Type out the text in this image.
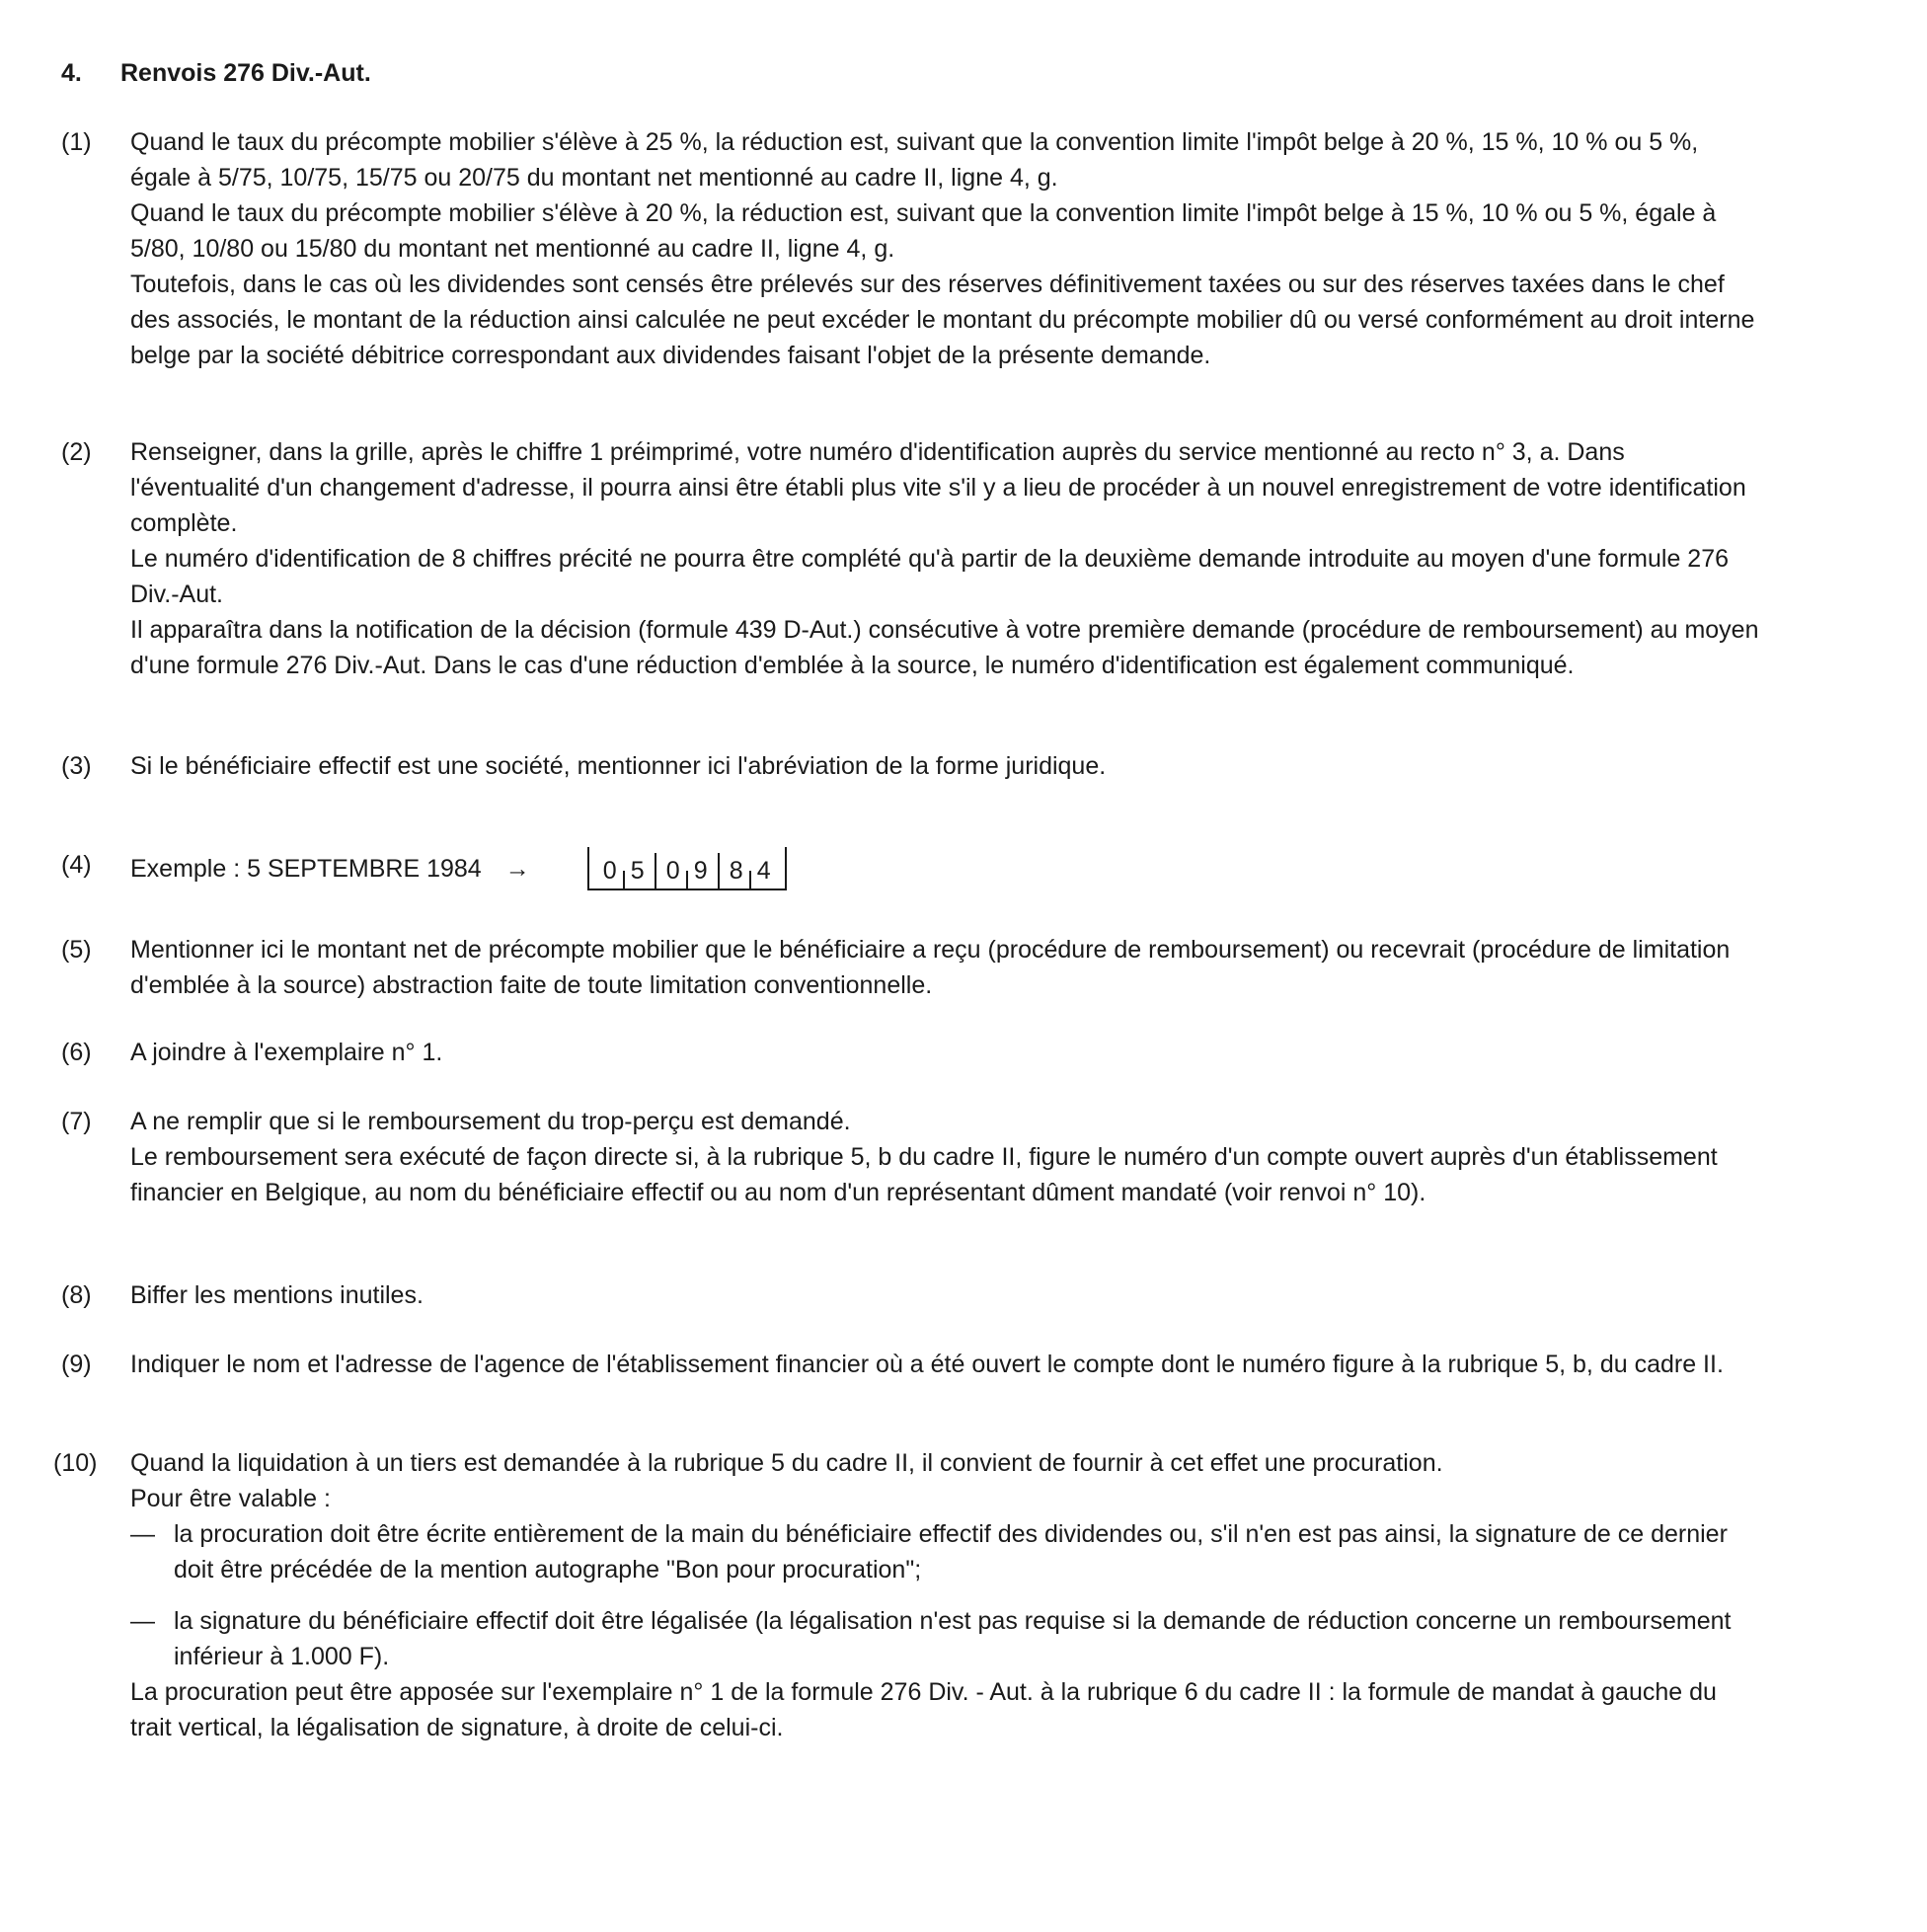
4. Renvois 276 Div.-Aut.
(1)	Quand le taux du précompte mobilier s'élève à 25 %, la réduction est, suivant que la convention limite l'impôt belge à 20 %, 15 %, 10 % ou 5 %, égale à 5/75, 10/75, 15/75 ou 20/75 du montant net mentionné au cadre II, ligne 4, g.

Quand le taux du précompte mobilier s'élève à 20 %, la réduction est, suivant que la convention limite l'impôt belge à 15 %, 10 % ou 5 %, égale à 5/80, 10/80 ou 15/80 du montant net mentionné au cadre II, ligne 4, g.

Toutefois, dans le cas où les dividendes sont censés être prélevés sur des réserves définitivement taxées ou sur des réserves taxées dans le chef des associés, le montant de la réduction ainsi calculée ne peut excéder le montant du précompte mobilier dû ou versé conformément au droit interne belge par la société débitrice correspondant aux dividendes faisant l'objet de la présente demande.

(2)	Renseigner, dans la grille, après le chiffre 1 préimprimé, votre numéro d'identification auprès du service mentionné au recto n° 3, a. Dans l'éventualité d'un changement d'adresse, il pourra ainsi être établi plus vite s'il y a lieu de procéder à un nouvel enregistrement de votre identification complète.

Le numéro d'identification de 8 chiffres précité ne pourra être complété qu'à partir de la deuxième demande introduite au moyen d'une formule 276 Div.-Aut.

Il apparaîtra dans la notification de la décision (formule 439 D-Aut.) consécutive à votre première demande (procédure de remboursement) au moyen d'une formule 276 Div.-Aut. Dans le cas d'une réduction d'emblée à la source, le numéro d'identification est également communiqué.

(3)	Si le bénéficiaire effectif est une société, mentionner ici l'abréviation de la forme juridique.

(4)	Exemple : 5 SEPTEMBRE 1984 →	0 5 0 9 8 4
(5)	Mentionner ici le montant net de précompte mobilier que le bénéficiaire a reçu (procédure de remboursement) ou recevrait (procédure de limitation d'emblée à la source) abstraction faite de toute limitation conventionnelle.

(6)	A joindre à l'exemplaire n° 1.

(7)	A ne remplir que si le remboursement du trop-perçu est demandé.

Le remboursement sera exécuté de façon directe si, à la rubrique 5, b du cadre II, figure le numéro d'un compte ouvert auprès d'un établissement financier en Belgique, au nom du bénéficiaire effectif ou au nom d'un représentant dûment mandaté (voir renvoi n° 10).

(8)	Biffer les mentions inutiles.

(9)	Indiquer le nom et l'adresse de l'agence de l'établissement financier où a été ouvert le compte dont le numéro figure à la rubrique 5, b, du cadre II.

(10)	Quand la liquidation à un tiers est demandée à la rubrique 5 du cadre II, il convient de fournir à cet effet une procuration.

Pour être valable :

— la procuration doit être écrite entièrement de la main du bénéficiaire effectif des dividendes ou, s'il n'en est pas ainsi, la signature de ce dernier doit être précédée de la mention autographe "Bon pour procuration";
— la signature du bénéficiaire effectif doit être légalisée (la légalisation n'est pas requise si la demande de réduction concerne un remboursement inférieur à 1.000 F).

La procuration peut être apposée sur l'exemplaire n° 1 de la formule 276 Div. - Aut. à la rubrique 6 du cadre II : la formule de mandat à gauche du trait vertical, la légalisation de signature, à droite de celui-ci.
